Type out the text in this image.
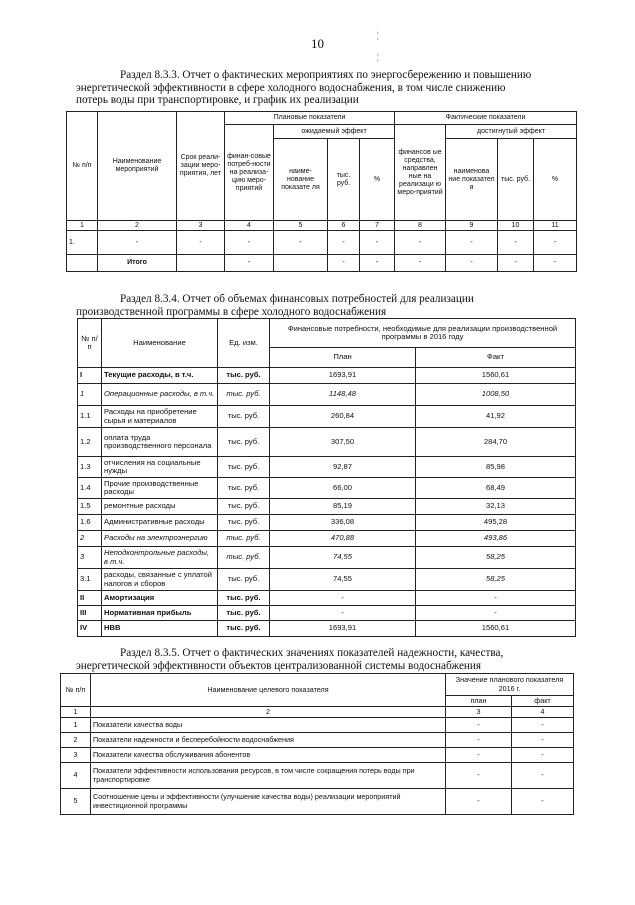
10
¦
¦
Раздел 8.3.3. Отчет о фактических мероприятиях по энергосбережению и повышению
энергетической эффективности в сфере холодного водоснабжения, в том числе снижению
потерь воды при транспортировке, и график их реализации
№ п/п	Наименование мероприятий	Срок реали-зации меро-приятия, лет	Плановые показатели				Фактические показатели			
			финан-совые потреб-ности на реализа-цию меро-приятий	ожидаемый эффект			финансов ые средства, направлен ные на реализаци ю меро-приятий	достигнутый эффект		
				наиме-нование показате ля	тыс. руб.	%		наименова ние показател я	тыс. руб.	%
1	2	3	4	5	6	7	8	9	10	11
1.	-	-	-	-	-	-	-	-	-	-
	Итого		-		-	-	-	-	-	-
Раздел 8.3.4. Отчет об объемах финансовых потребностей для реализации
производственной программы в сфере холодного водоснабжения
№ п/п	Наименование	Ед. изм.	Финансовые потребности, необходимые для реализации производственной программы в 2016 году	
			План	Факт
I	Текущие расходы, в т.ч.	тыс. руб.	1693,91	1560,61
1	Операционные расходы, в т.ч.	тыс. руб.	1148,48	1008,50
1.1	Расходы на приобретение сырья и материалов	тыс. руб.	260,84	41,92
1.2	оплата труда производственного персонала	тыс. руб.	307,50	284,70
1.3	отчисления на социальные нужды	тыс. руб.	92,87	85,98
1.4	Прочие производственные расходы	тыс. руб.	66,00	68,49
1.5	ремонтные расходы	тыс. руб.	85,19	32,13
1.6	Административные расходы	тыс. руб.	336,08	495,28
2	Расходы на электроэнергию	тыс. руб.	470,88	493,86
3	Неподконтрольные расходы, в т.ч.	тыс. руб.	74,55	58,25
3.1	расходы, связанные с уплатой налогов и сборов	тыс. руб.	74,55	58,25
II	Амортизация	тыс. руб.	-	-
III	Нормативная прибыль	тыс. руб.	-	-
IV	НВВ	тыс. руб.	1693,91	1560,61
Раздел 8.3.5. Отчет о фактических значениях показателей надежности, качества,
энергетической эффективности объектов централизованной системы водоснабжения
№ п/п	Наименование целевого показателя	Значение планового показателя 2016 г.	
		план	факт
1	2	3	4
1	Показатели качества воды	-	-
2	Показатели надежности и бесперебойности водоснабжения	-	-
3	Показатели качества обслуживания абонентов	-	-
4	Показатели эффективности использования ресурсов, в том числе сокращения потерь воды при транспортировке	-	-
5	Соотношение цены и эффективности (улучшение качества воды) реализации мероприятий инвестиционной программы	-	-
